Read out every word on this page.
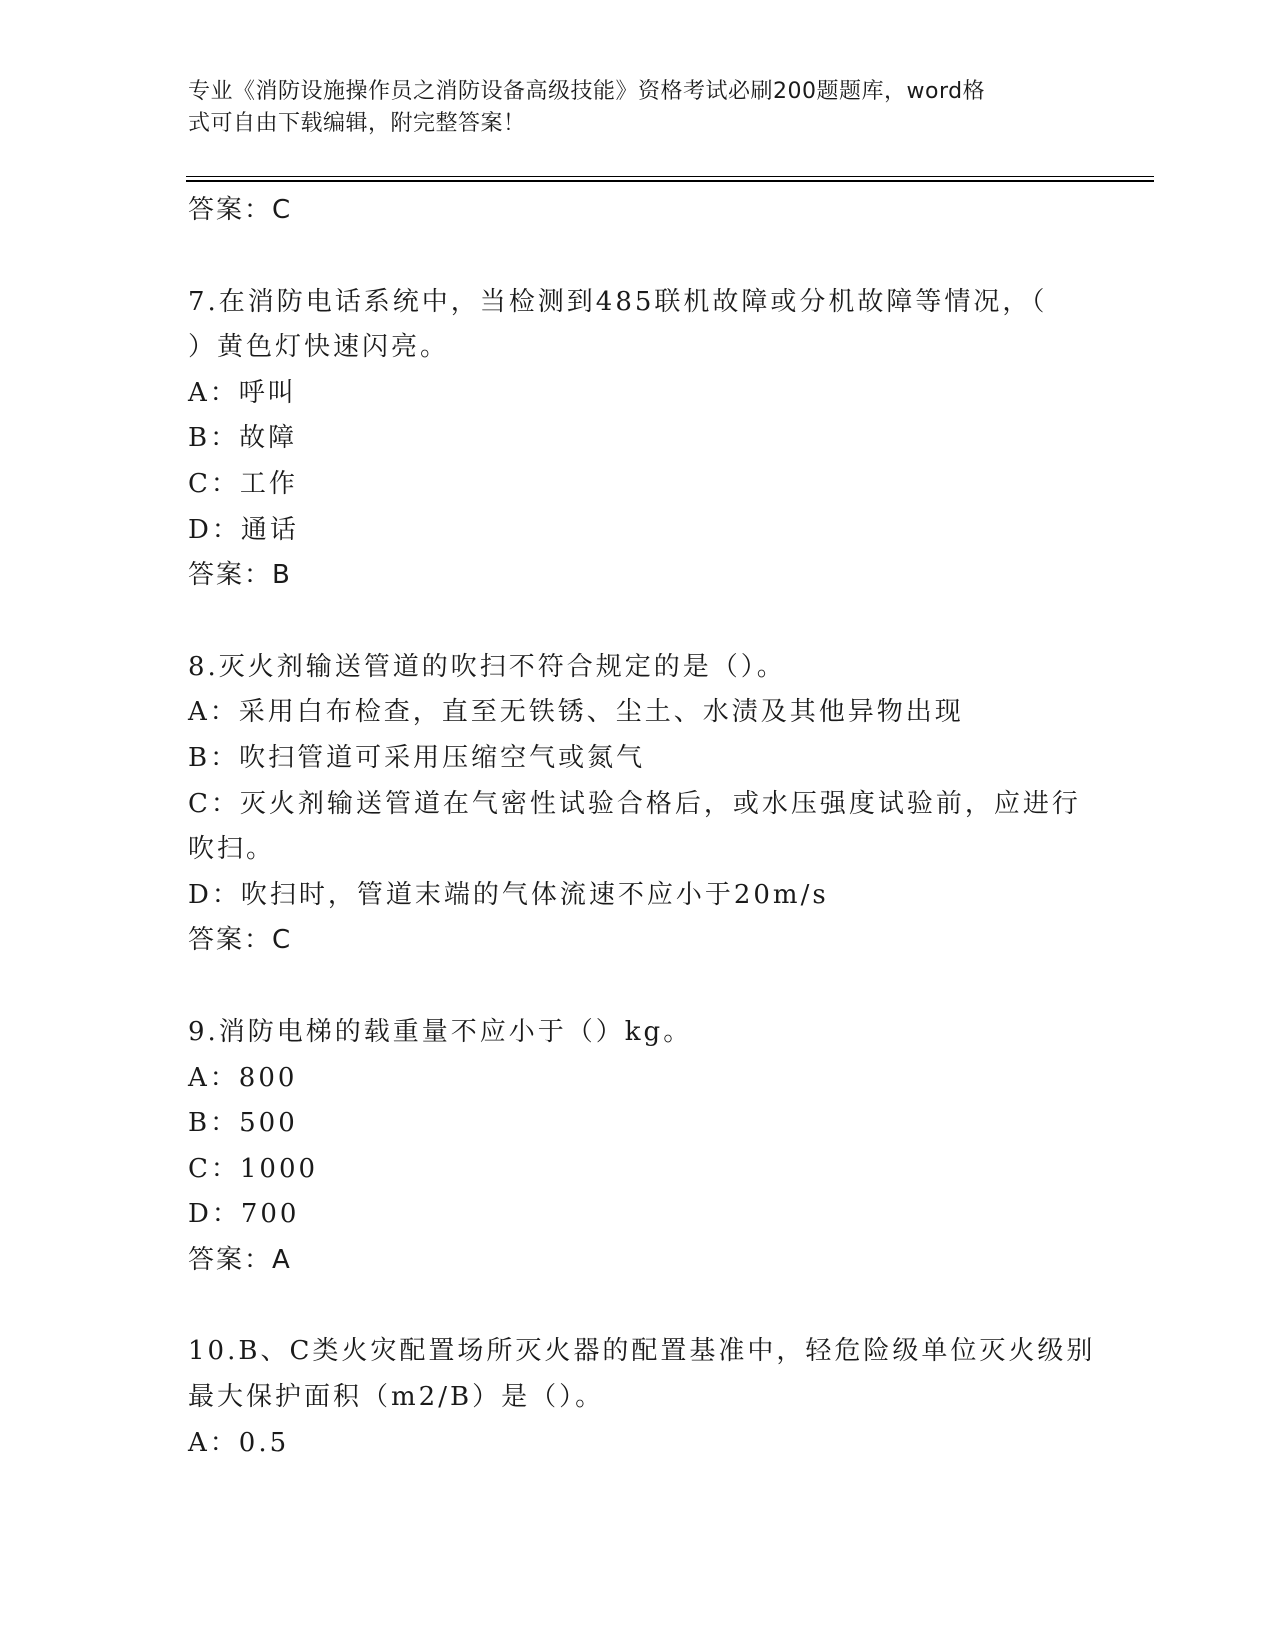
专业《消防设施操作员之消防设备高级技能》资格考试必刷200题题库，word格
式可自由下载编辑，附完整答案！
答案：C
7.在消防电话系统中，当检测到485联机故障或分机故障等情况，（
）黄色灯快速闪亮。
A：呼叫
B：故障
C：工作
D：通话
答案：B
8.灭火剂输送管道的吹扫不符合规定的是（）。
A：采用白布检查，直至无铁锈、尘土、水渍及其他异物出现
B：吹扫管道可采用压缩空气或氮气
C：灭火剂输送管道在气密性试验合格后，或水压强度试验前，应进行
吹扫。
D：吹扫时，管道末端的气体流速不应小于20m/s
答案：C
9.消防电梯的载重量不应小于（）kg。
A：800
B：500
C：1000
D：700
答案：A
10.B、C类火灾配置场所灭火器的配置基准中，轻危险级单位灭火级别
最大保护面积（m2/B）是（）。
A：0.5
